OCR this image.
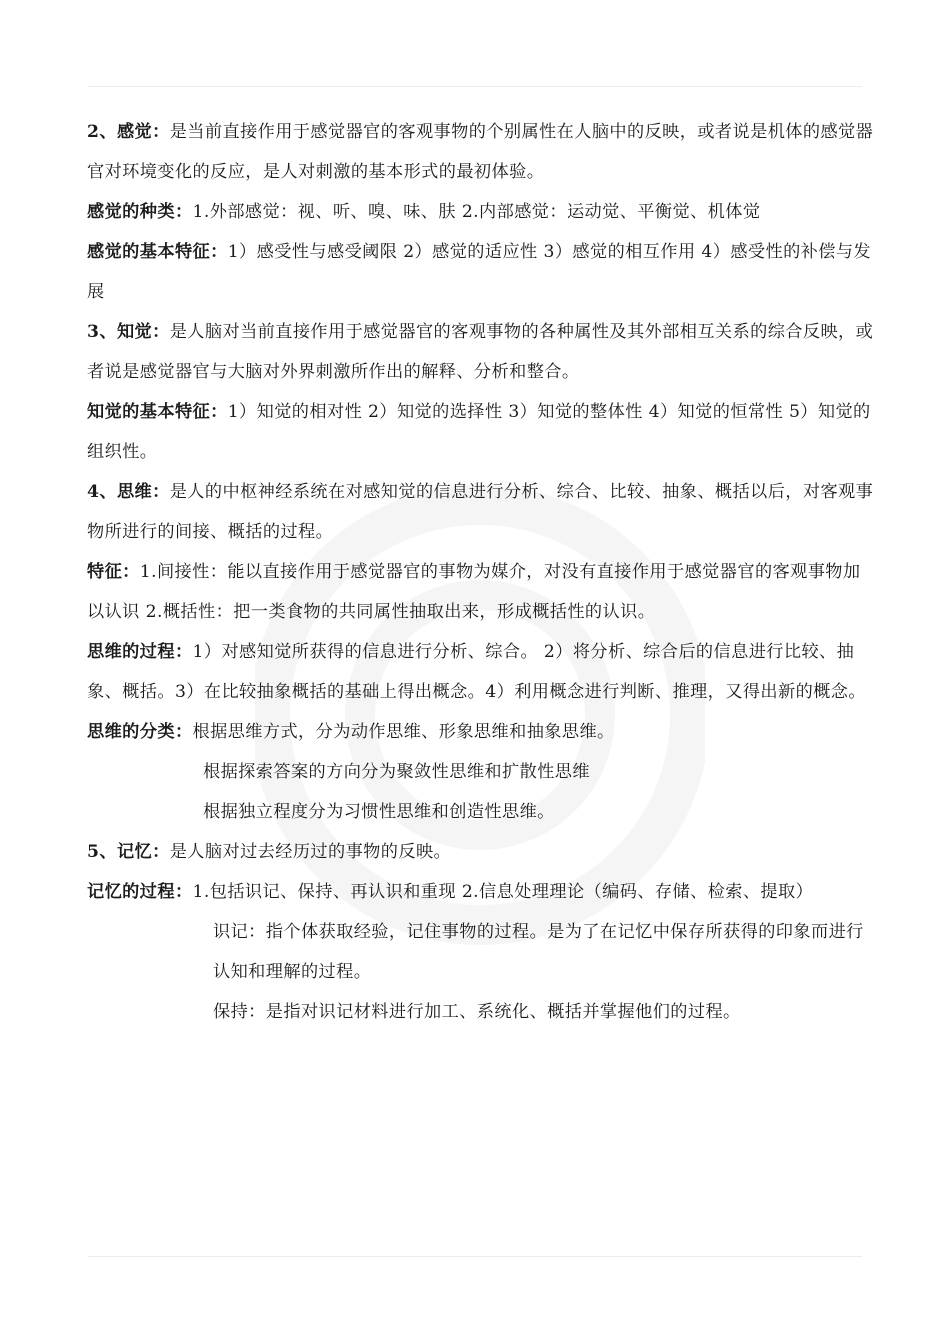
2、感觉：是当前直接作用于感觉器官的客观事物的个别属性在人脑中的反映，或者说是机体的感觉器官对环境变化的反应，是人对刺激的基本形式的最初体验。

感觉的种类：1.外部感觉：视、听、嗅、味、肤 2.内部感觉：运动觉、平衡觉、机体觉

感觉的基本特征：1）感受性与感受阈限 2）感觉的适应性 3）感觉的相互作用 4）感受性的补偿与发展

3、知觉：是人脑对当前直接作用于感觉器官的客观事物的各种属性及其外部相互关系的综合反映，或者说是感觉器官与大脑对外界刺激所作出的解释、分析和整合。

知觉的基本特征：1）知觉的相对性 2）知觉的选择性 3）知觉的整体性 4）知觉的恒常性 5）知觉的组织性。

4、思维：是人的中枢神经系统在对感知觉的信息进行分析、综合、比较、抽象、概括以后，对客观事物所进行的间接、概括的过程。

特征：1.间接性：能以直接作用于感觉器官的事物为媒介，对没有直接作用于感觉器官的客观事物加以认识 2.概括性：把一类食物的共同属性抽取出来，形成概括性的认识。

思维的过程：1）对感知觉所获得的信息进行分析、综合。 2）将分析、综合后的信息进行比较、抽象、概括。3）在比较抽象概括的基础上得出概念。4）利用概念进行判断、推理，又得出新的概念。

思维的分类：根据思维方式，分为动作思维、形象思维和抽象思维。

根据探索答案的方向分为聚敛性思维和扩散性思维

根据独立程度分为习惯性思维和创造性思维。

5、记忆：是人脑对过去经历过的事物的反映。

记忆的过程：1.包括识记、保持、再认识和重现 2.信息处理理论（编码、存储、检索、提取）

识记：指个体获取经验，记住事物的过程。是为了在记忆中保存所获得的印象而进行认知和理解的过程。

保持：是指对识记材料进行加工、系统化、概括并掌握他们的过程。
